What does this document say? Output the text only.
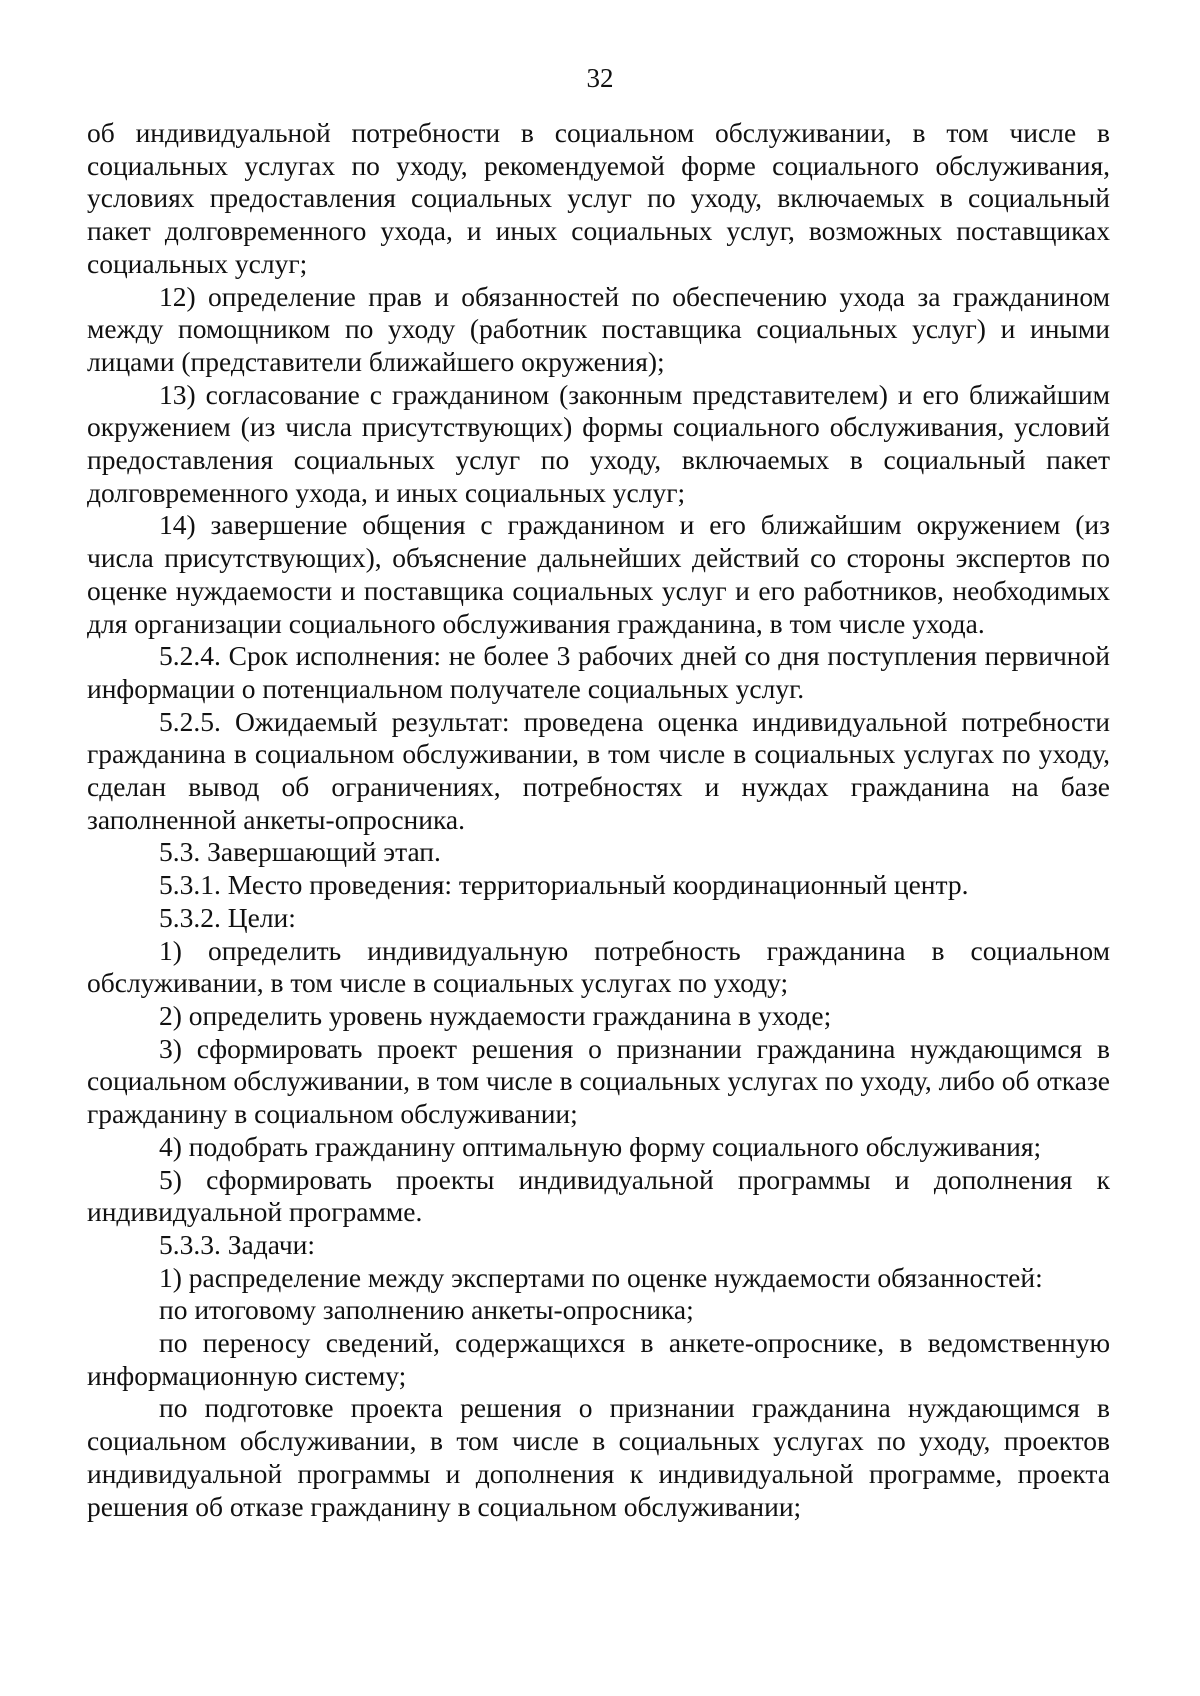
32

об индивидуальной потребности в социальном обслуживании, в том числе в социальных услугах по уходу, рекомендуемой форме социального обслуживания, условиях предоставления социальных услуг по уходу, включаемых в социальный пакет долговременного ухода, и иных социальных услуг, возможных поставщиках социальных услуг;

12) определение прав и обязанностей по обеспечению ухода за гражданином между помощником по уходу (работник поставщика социальных услуг) и иными лицами (представители ближайшего окружения);

13) согласование с гражданином (законным представителем) и его ближайшим окружением (из числа присутствующих) формы социального обслуживания, условий предоставления социальных услуг по уходу, включаемых в социальный пакет долговременного ухода, и иных социальных услуг;

14) завершение общения с гражданином и его ближайшим окружением (из числа присутствующих), объяснение дальнейших действий со стороны экспертов по оценке нуждаемости и поставщика социальных услуг и его работников, необходимых для организации социального обслуживания гражданина, в том числе ухода.

5.2.4. Срок исполнения: не более 3 рабочих дней со дня поступления первичной информации о потенциальном получателе социальных услуг.

5.2.5. Ожидаемый результат: проведена оценка индивидуальной потребности гражданина в социальном обслуживании, в том числе в социальных услугах по уходу, сделан вывод об ограничениях, потребностях и нуждах гражданина на базе заполненной анкеты-опросника.

5.3. Завершающий этап.

5.3.1. Место проведения: территориальный координационный центр.

5.3.2. Цели:

1) определить индивидуальную потребность гражданина в социальном обслуживании, в том числе в социальных услугах по уходу;

2) определить уровень нуждаемости гражданина в уходе;

3) сформировать проект решения о признании гражданина нуждающимся в социальном обслуживании, в том числе в социальных услугах по уходу, либо об отказе гражданину в социальном обслуживании;

4) подобрать гражданину оптимальную форму социального обслуживания;

5) сформировать проекты индивидуальной программы и дополнения к индивидуальной программе.

5.3.3. Задачи:

1) распределение между экспертами по оценке нуждаемости обязанностей:

по итоговому заполнению анкеты-опросника;

по переносу сведений, содержащихся в анкете-опроснике, в ведомственную информационную систему;

по подготовке проекта решения о признании гражданина нуждающимся в социальном обслуживании, в том числе в социальных услугах по уходу, проектов индивидуальной программы и дополнения к индивидуальной программе, проекта решения об отказе гражданину в социальном обслуживании;
